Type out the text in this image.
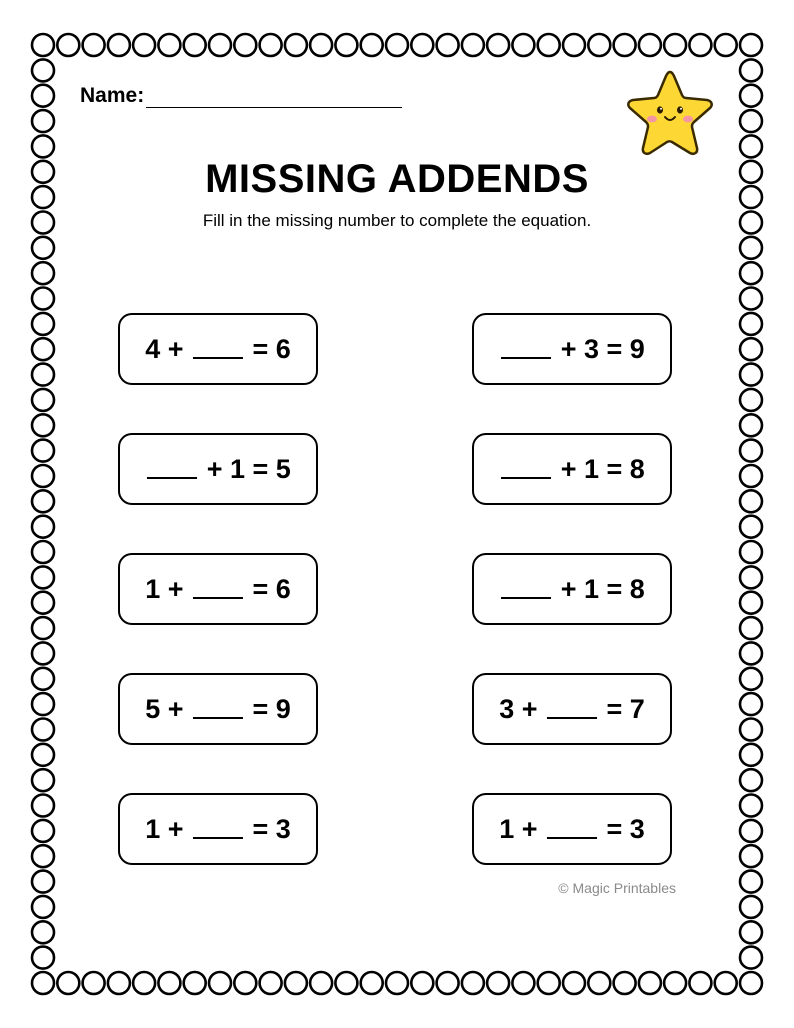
Name:
MISSING ADDENDS
Fill in the missing number to complete the equation.
4 + = 6
+ 1 = 5
1 + = 6
5 + = 9
1 + = 3
+ 3 = 9
+ 1 = 8
+ 1 = 8
3 + = 7
1 + = 3
© Magic Printables
